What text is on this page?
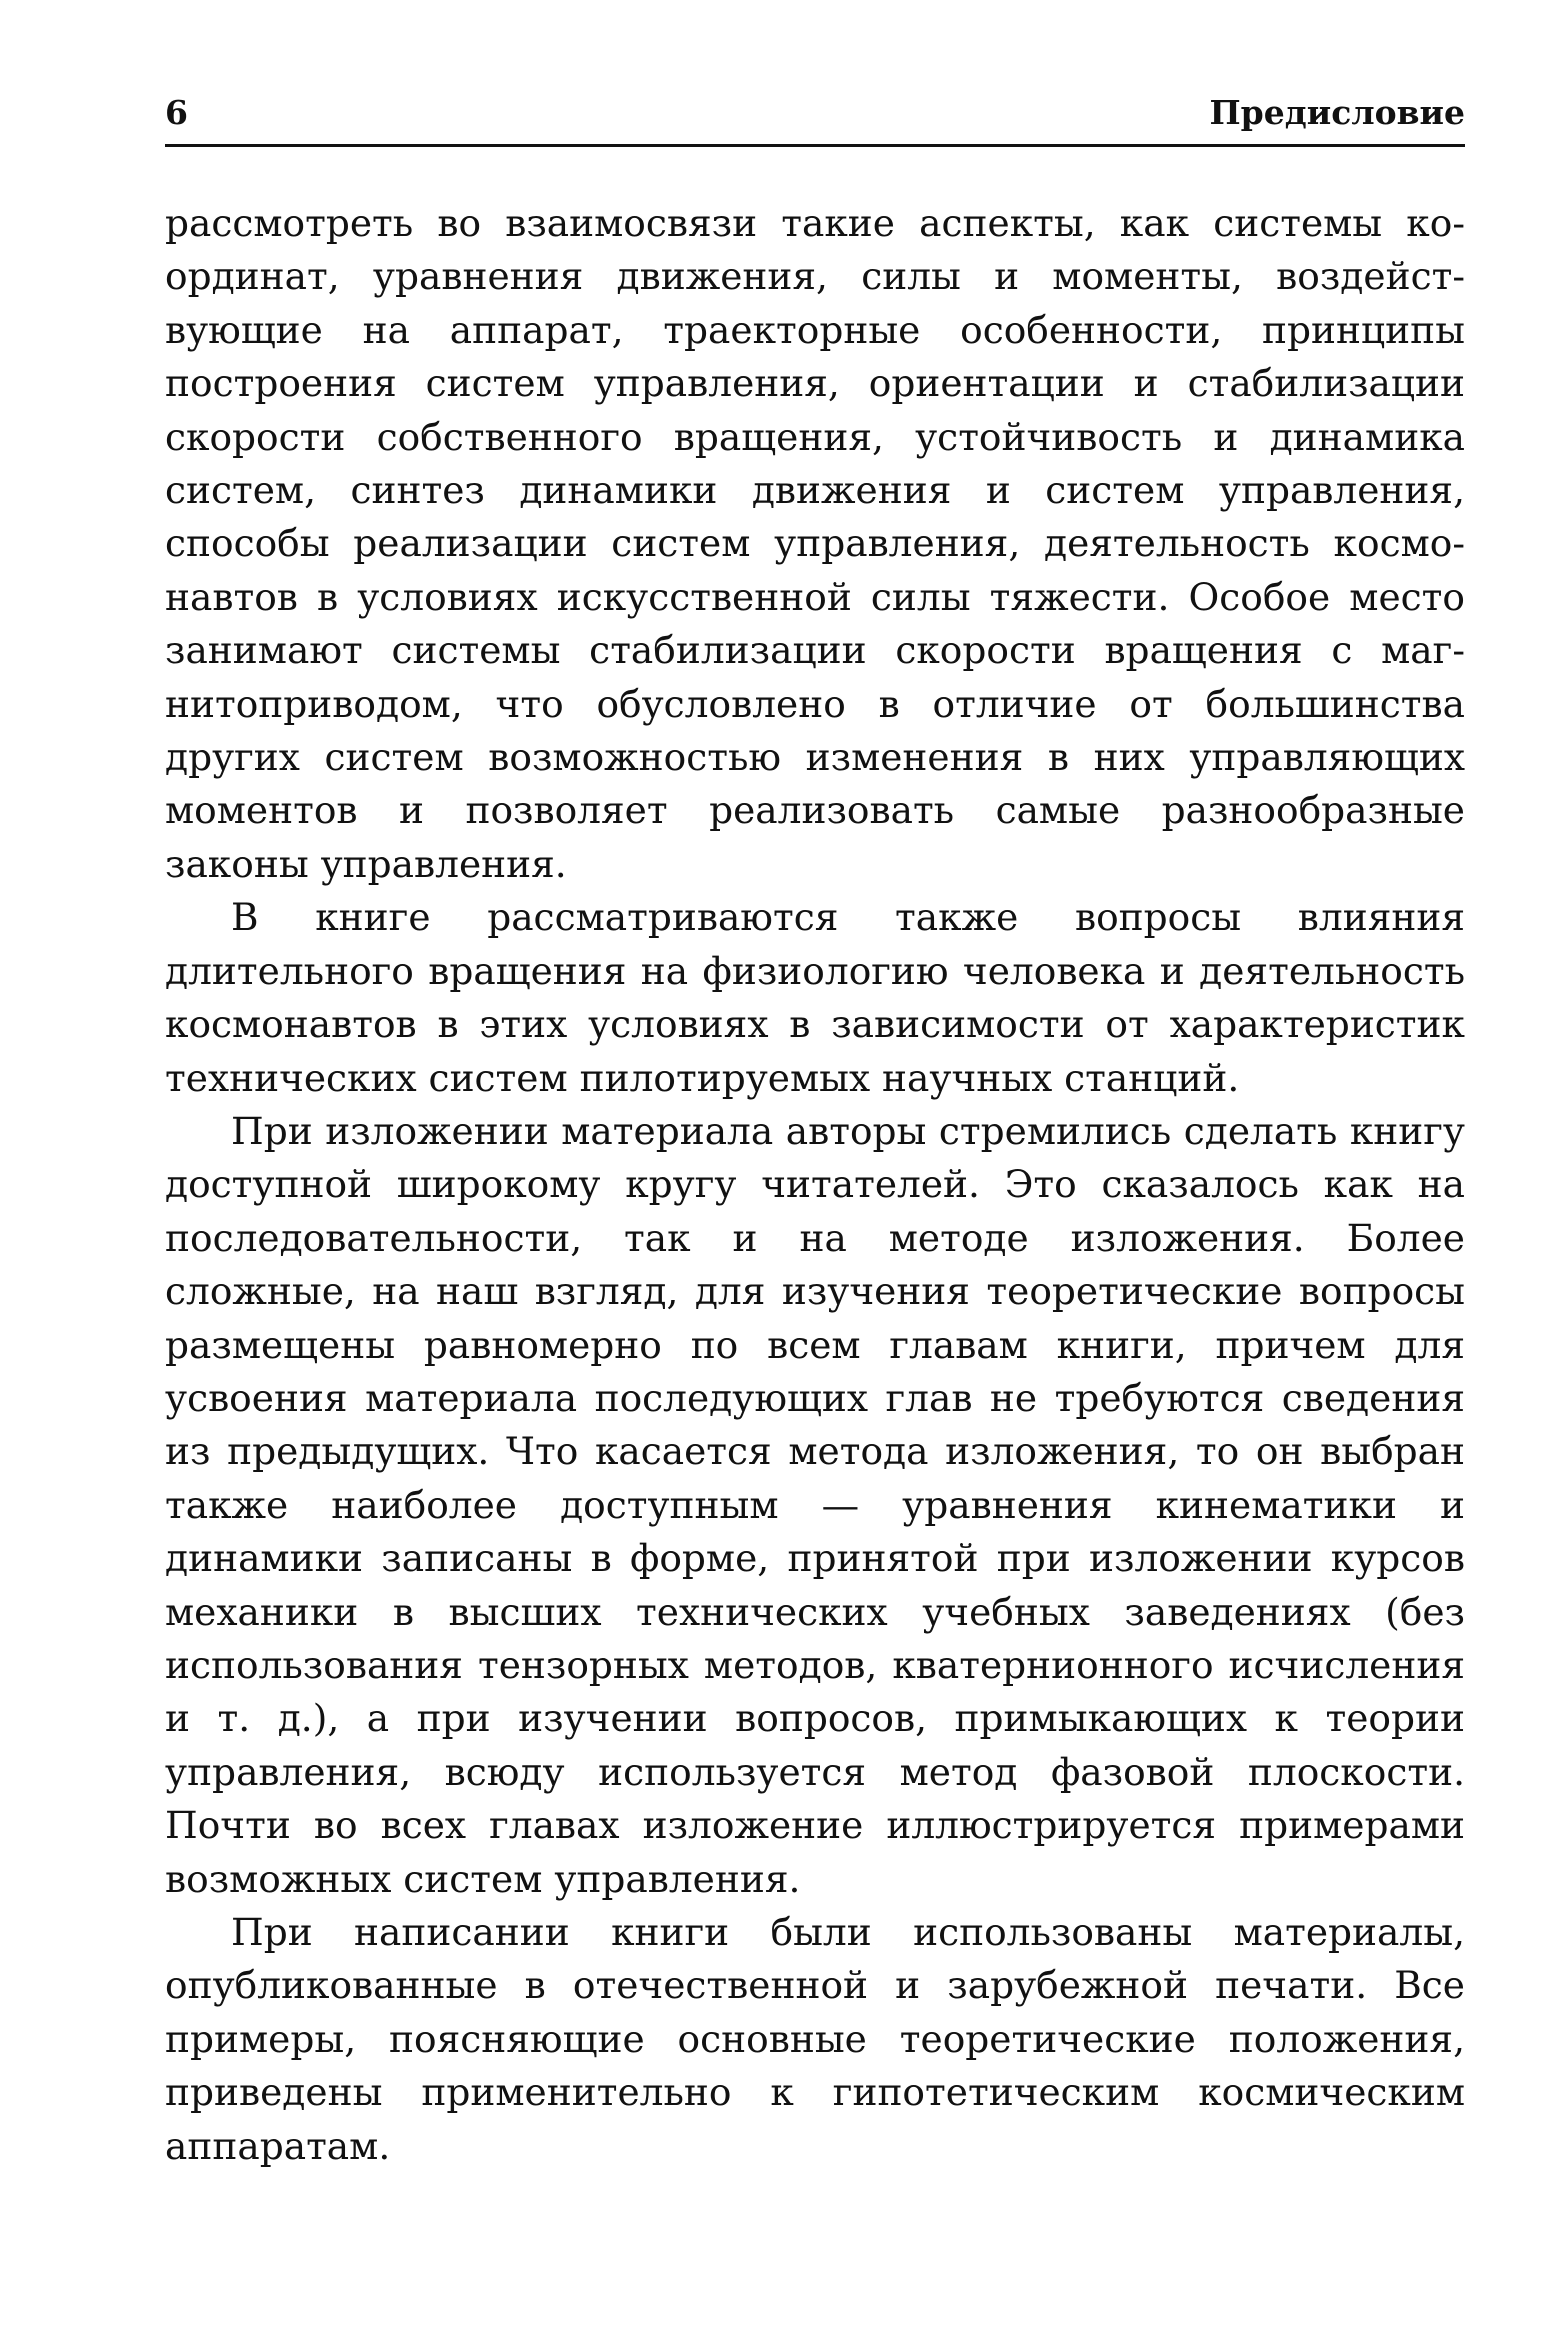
6	Предисловие

рассмотреть во взаимосвязи такие аспекты, как системы координат, уравнения движения, силы и моменты, воздействующие на аппарат, траекторные особенности, принципы построения систем управления, ориентации и стабилизации скорости собственного вращения, устойчивость и динамика систем, синтез динамики движения и систем управления, способы реализации систем управления, деятельность космонавтов в условиях искусственной силы тяжести. Особое место занимают системы стабилизации скорости вращения с магнитоприводом, что обусловлено в отличие от большинства других систем возможностью изменения в них управляющих моментов и позволяет реализовать самые разнообразные законы управления.

В книге рассматриваются также вопросы влияния длительного вращения на физиологию человека и деятельность космонавтов в этих условиях в зависимости от характеристик технических систем пилотируемых научных станций.

При изложении материала авторы стремились сделать книгу доступной широкому кругу читателей. Это сказалось как на последовательности, так и на методе изложения. Более сложные, на наш взгляд, для изучения теоретические вопросы размещены равномерно по всем главам книги, причем для усвоения материала последующих глав не требуются сведения из предыдущих. Что касается метода изложения, то он выбран также наиболее доступным — уравнения кинематики и динамики записаны в форме, принятой при изложении курсов механики в высших технических учебных заведениях (без использования тензорных методов, кватернионного исчисления и т. д.), а при изучении вопросов, примыкающих к теории управления, всюду используется метод фазовой плоскости. Почти во всех главах изложение иллюстрируется примерами возможных систем управления.

При написании книги были использованы материалы, опубликованные в отечественной и зарубежной печати. Все примеры, поясняющие основные теоретические положения, приведены применительно к гипотетическим космическим аппаратам.
